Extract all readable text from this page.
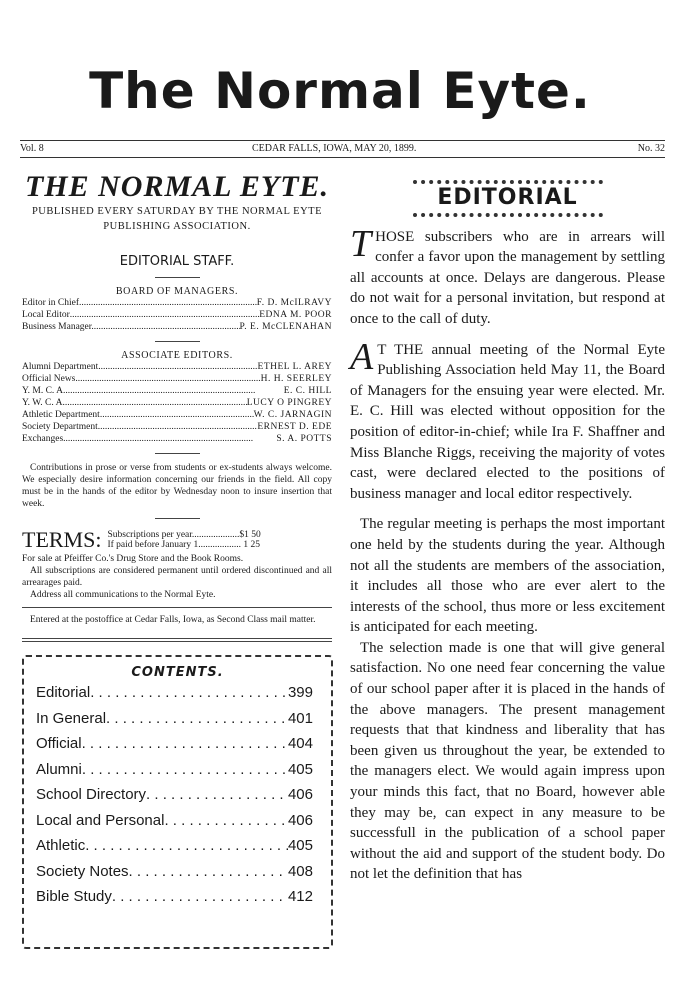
The Normal Eyte.
Vol. 8	CEDAR FALLS, IOWA, MAY 20, 1899.	No. 32
THE NORMAL EYTE.
PUBLISHED EVERY SATURDAY BY THE NORMAL EYTE PUBLISHING ASSOCIATION.
EDITORIAL STAFF.
BOARD OF MANAGERS.
Editor in Chief .....	F. D. McILRAVY
Local Editor .....	EDNA M. POOR
Business Manager. .....	P. E. McCLENAHAN
ASSOCIATE EDITORS.
Alumni Department .....	ETHEL L. AREY
Official News .....	H. H. SEERLEY
Y. M. C. A. .....	E. C. HILL
Y. W. C. A. .....	LUCY O PINGREY
Athletic Department .....	W. C. JARNAGIN
Society Department .....	ERNEST D. EDE
Exchanges .....	S. A. POTTS
Contributions in prose or verse from students or ex-students always welcome. We especially desire information concerning our friends in the field. All copy must be in the hands of the editor by Wednesday noon to insure insertion that week.
TERMS: Subscriptions per year....................$1 50
If paid before January 1.................. 1 25
For sale at Pfeiffer Co.'s Drug Store and the Book Rooms.
All subscriptions are considered permanent until ordered discontinued and all arrearages paid.
Address all communications to the Normal Eyte.
Entered at the postoffice at Cedar Falls, Iowa, as Second Class mail matter.
CONTENTS.
Editorial . . .	399
In General . . .	401
Official . . .	404
Alumni . . .	405
School Directory . . .	406
Local and Personal . . .	406
Athletic . . .	405
Society Notes . . .	408
Bible Study . . .	412
EDITORIAL

THOSE subscribers who are in arrears will confer a favor upon the management by settling all accounts at once. Delays are dangerous. Please do not wait for a personal invitation, but respond at once to the call of duty.

A T THE annual meeting of the Normal Eyte Publishing Association held May 11, the Board of Managers for the ensuing year were elected. Mr. E. C. Hill was elected without opposition for the position of editor-in-chief; while Ira F. Shaffner and Miss Blanche Riggs, receiving the majority of votes cast, were declared elected to the positions of business manager and local editor respectively.

The regular meeting is perhaps the most important one held by the students during the year. Although not all the students are members of the association, it includes all those who are ever alert to the interests of the school, thus more or less excitement is anticipated for each meeting.

The selection made is one that will give general satisfaction. No one need fear concerning the value of our school paper after it is placed in the hands of the above managers. The present management requests that that kindness and liberality that has been given us throughout the year, be extended to the managers elect. We would again impress upon your minds this fact, that no Board, however able they may be, can expect in any measure to be successfull in the publication of a school paper without the aid and support of the student body. Do not let the definition that has
